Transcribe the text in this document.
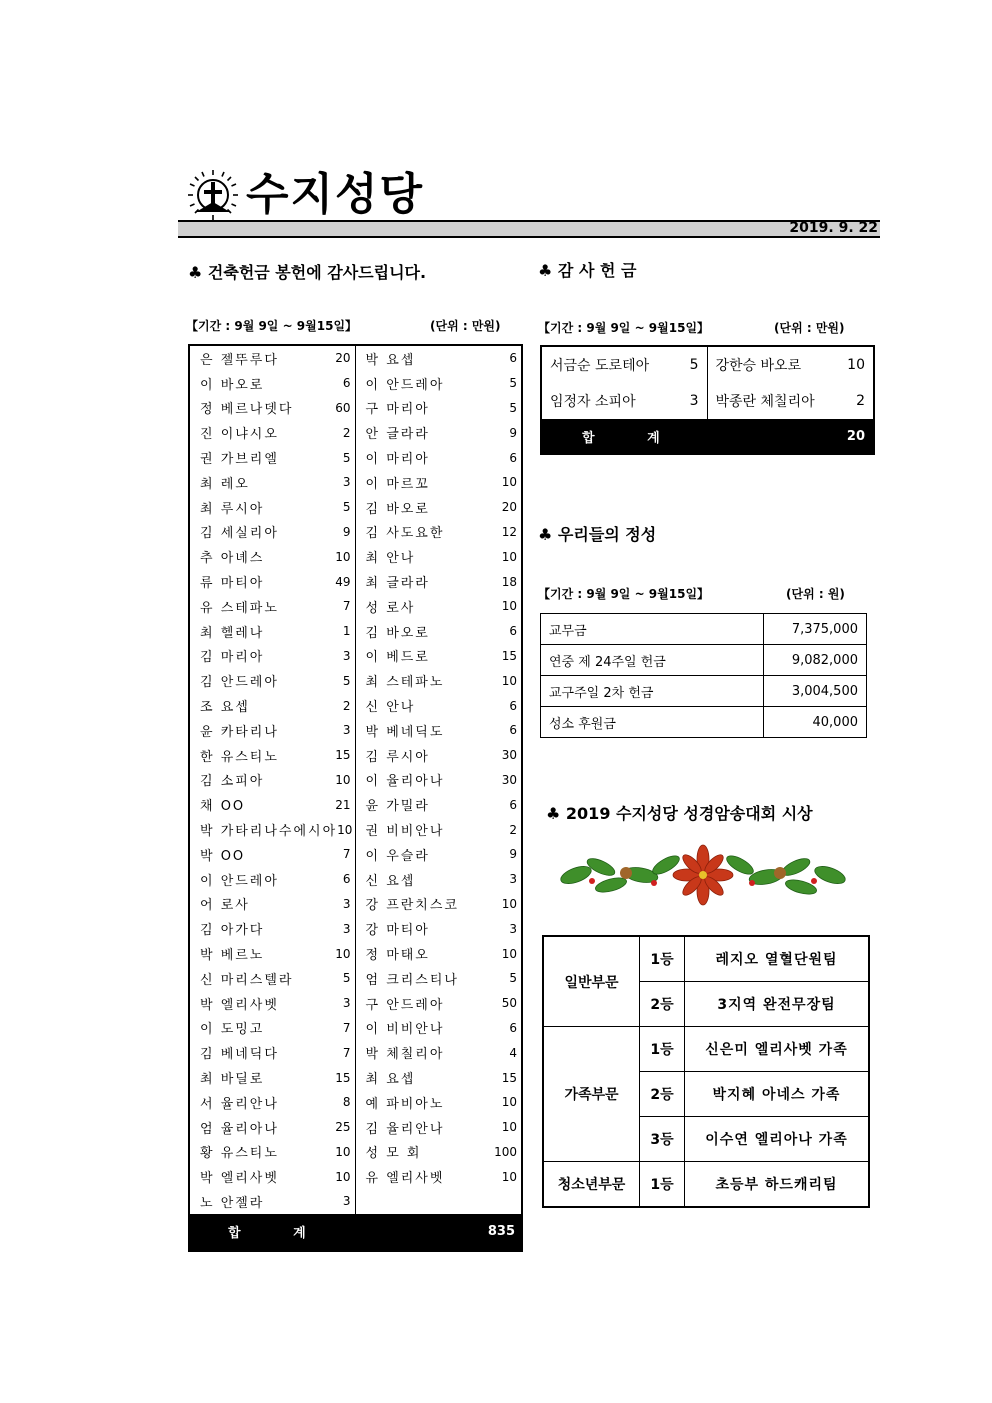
수지성당
2019. 9. 22
♣ 건축헌금 봉헌에 감사드립니다.
【기간 : 9월 9일 ~ 9월15일】	(단위 : 만원)
은 젤뚜루다	20
이 바오로	6
정 베르나뎃다	60
진 이냐시오	2
권 가브리엘	5
최 레오	3
최 루시아	5
김 세실리아	9
추 아녜스	10
류 마티아	49
유 스테파노	7
최 헬레나	1
김 마리아	3
김 안드레아	5
조 요셉	2
윤 카타리나	3
한 유스티노	15
김 소피아	10
채 OO	21
박 가타리나수에시아 10
박 OO	7
이 안드레아	6
어 로사	3
김 아가다	3
박 베르노	10
신 마리스텔라	5
박 엘리사벳	3
이 도밍고	7
김 베네딕다	7
최 바딜로	15
서 율리안나	8
엄 율리아나	25
황 유스티노	10
박 엘리사벳	10
노 안젤라	3
박 요셉	6
이 안드레아	5
구 마리아	5
안 글라라	9
이 마리아	6
이 마르꼬	10
김 바오로	20
김 사도요한	12
최 안나	10
최 글라라	18
성 로사	10
김 바오로	6
이 베드로	15
최 스테파노	10
신 안나	6
박 베네딕도	6
김 루시아	30
이 율리아나	30
윤 가밀라	6
권 비비안나	2
이 우슬라	9
신 요셉	3
강 프란치스코	10
강 마티아	3
정 마태오	10
엄 크리스티나	5
구 안드레아	50
이 비비안나	6
박 체칠리아	4
최 요셉	15
예 파비아노	10
김 율리안나	10
성 모 회	100
유 엘리사벳	10
합 계	835
♣ 감 사 헌 금
【기간 : 9월 9일 ~ 9월15일】	(단위 : 만원)
서금순 도로테아	5 강한승 바오로	10
임정자 소피아	3 박종란 체칠리아	2
합 계	20
♣ 우리들의 정성
【기간 : 9월 9일 ~ 9월15일】	(단위 : 원)
교무금	7,375,000
연중 제 24주일 헌금	9,082,000
교구주일 2차 헌금	3,004,500
성소 후원금	40,000
♣ 2019 수지성당 성경암송대회 시상
일반부문	1등	레지오 열혈단원팀
	2등	3지역 완전무장팀
가족부문	1등	신은미 엘리사벳 가족
	2등	박지혜 아네스 가족
	3등	이수연 엘리아나 가족
청소년부문	1등	초등부 하드캐리팀
